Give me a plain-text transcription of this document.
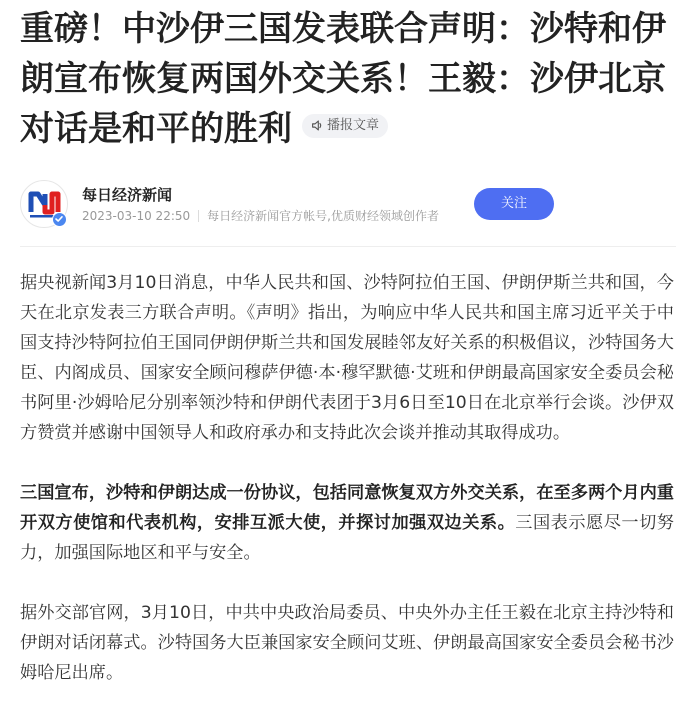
重磅！中沙伊三国发表联合声明：沙特和伊朗宣布恢复两国外交关系！王毅：沙伊北京对话是和平的胜利	播报文章
每日经济新闻
2023-03-10 22:50 每日经济新闻官方帐号,优质财经领域创作者
关注

据央视新闻3月10日消息，中华人民共和国、沙特阿拉伯王国、伊朗伊斯兰共和国，今天在北京发表三方联合声明。《声明》指出，为响应中华人民共和国主席习近平关于中国支持沙特阿拉伯王国同伊朗伊斯兰共和国发展睦邻友好关系的积极倡议，沙特国务大臣、内阁成员、国家安全顾问穆萨伊德·本·穆罕默德·艾班和伊朗最高国家安全委员会秘书阿里·沙姆哈尼分别率领沙特和伊朗代表团于3月6日至10日在北京举行会谈。沙伊双方赞赏并感谢中国领导人和政府承办和支持此次会谈并推动其取得成功。

三国宣布，沙特和伊朗达成一份协议，包括同意恢复双方外交关系，在至多两个月内重开双方使馆和代表机构，安排互派大使，并探讨加强双边关系。三国表示愿尽一切努力，加强国际地区和平与安全。

据外交部官网，3月10日，中共中央政治局委员、中央外办主任王毅在北京主持沙特和伊朗对话闭幕式。沙特国务大臣兼国家安全顾问艾班、伊朗最高国家安全委员会秘书沙姆哈尼出席。
